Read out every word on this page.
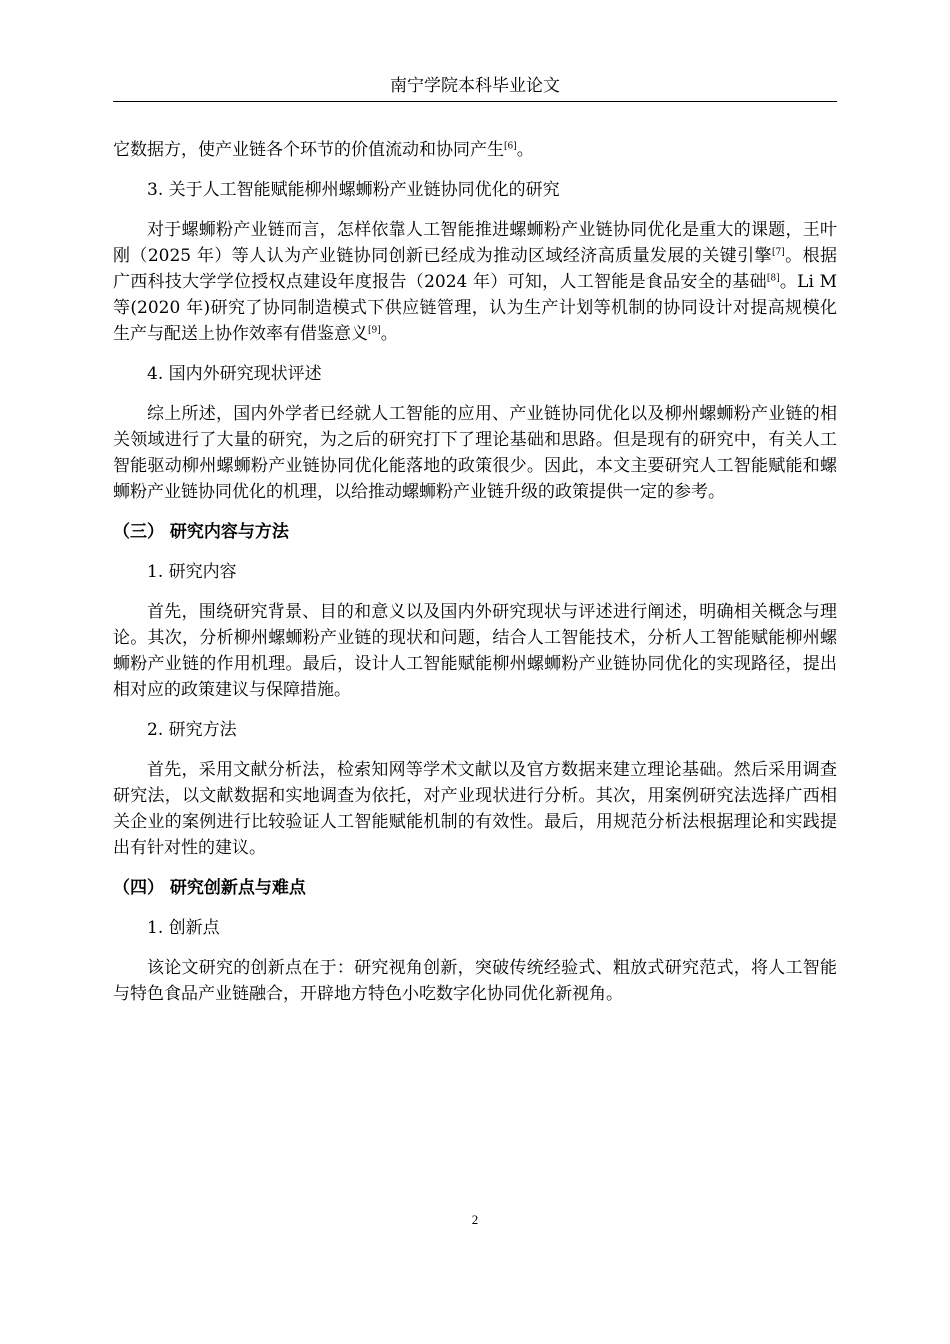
南宁学院本科毕业论文

它数据方，使产业链各个环节的价值流动和协同产生[6]。

3. 关于人工智能赋能柳州螺蛳粉产业链协同优化的研究

对于螺蛳粉产业链而言，怎样依靠人工智能推进螺蛳粉产业链协同优化是重大的课题，王叶刚（2025 年）等人认为产业链协同创新已经成为推动区域经济高质量发展的关键引擎[7]。根据广西科技大学学位授权点建设年度报告（2024 年）可知，人工智能是食品安全的基础[8]。Li M 等(2020 年)研究了协同制造模式下供应链管理，认为生产计划等机制的协同设计对提高规模化生产与配送上协作效率有借鉴意义[9]。

4. 国内外研究现状评述

综上所述，国内外学者已经就人工智能的应用、产业链协同优化以及柳州螺蛳粉产业链的相关领域进行了大量的研究，为之后的研究打下了理论基础和思路。但是现有的研究中，有关人工智能驱动柳州螺蛳粉产业链协同优化能落地的政策很少。因此，本文主要研究人工智能赋能和螺蛳粉产业链协同优化的机理，以给推动螺蛳粉产业链升级的政策提供一定的参考。

（三） 研究内容与方法

1. 研究内容

首先，围绕研究背景、目的和意义以及国内外研究现状与评述进行阐述，明确相关概念与理论。其次，分析柳州螺蛳粉产业链的现状和问题，结合人工智能技术，分析人工智能赋能柳州螺蛳粉产业链的作用机理。最后，设计人工智能赋能柳州螺蛳粉产业链协同优化的实现路径，提出相对应的政策建议与保障措施。

2. 研究方法

首先，采用文献分析法，检索知网等学术文献以及官方数据来建立理论基础。然后采用调查研究法，以文献数据和实地调查为依托，对产业现状进行分析。其次，用案例研究法选择广西相关企业的案例进行比较验证人工智能赋能机制的有效性。最后，用规范分析法根据理论和实践提出有针对性的建议。

（四） 研究创新点与难点

1. 创新点

该论文研究的创新点在于：研究视角创新，突破传统经验式、粗放式研究范式，将人工智能与特色食品产业链融合，开辟地方特色小吃数字化协同优化新视角。

2
